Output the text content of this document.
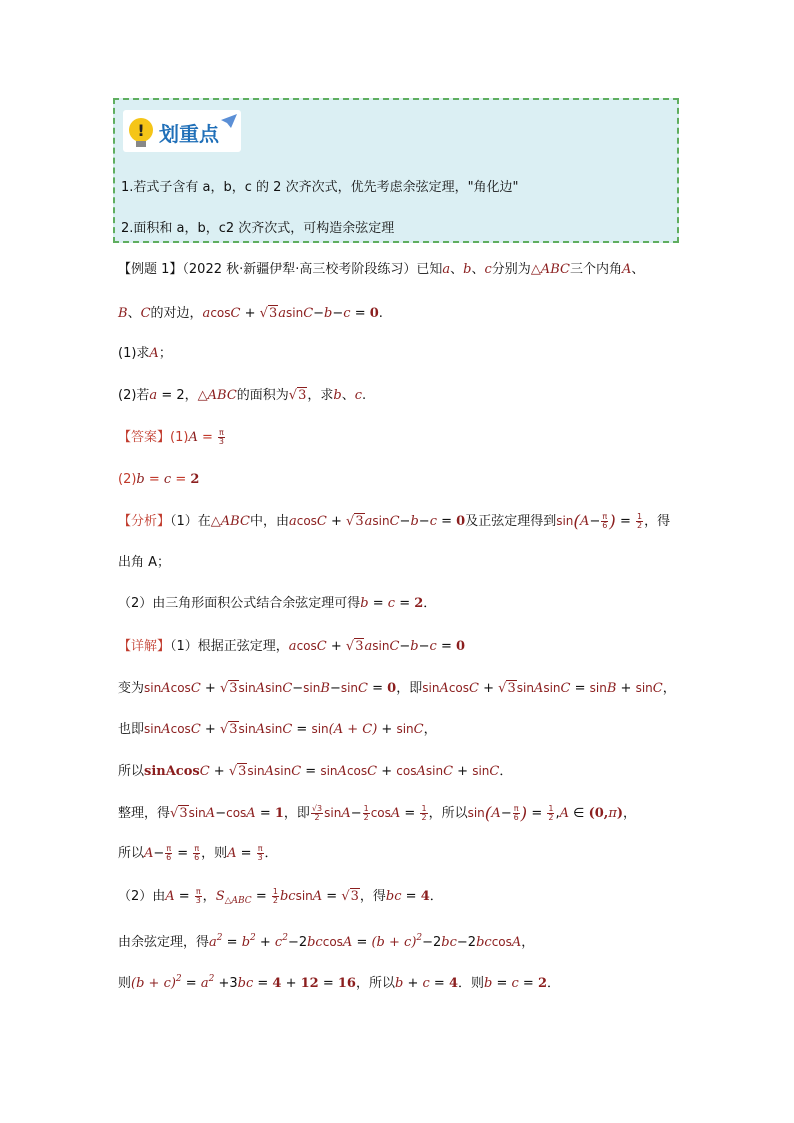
! 划重点
1.若式子含有 a，b，c 的 2 次齐次式，优先考虑余弦定理，"角化边"
2.面积和 a，b，c2 次齐次式，可构造余弦定理
【例题 1】（2022 秋·新疆伊犁·高三校考阶段练习）已知a、b、c分别为△ABC三个内角A、
B、C的对边，acosC + √3asinC−b−c = 0.
(1)求A；
(2)若a = 2，△ABC的面积为√3，求b、c.
【答案】$(1)A = \frac{\pi}{3}$
(2)b = c = 2
【分析】（1）在△ABC中，由acosC + √3asinC−b−c = 0及正弦定理得到$\sin(A- \frac{\pi}{6}$ ) = $\frac{1}{2}$ ，得
出角 A；
（2）由三角形面积公式结合余弦定理可得b = c = 2．
【详解】（1）根据正弦定理，acosC + √3asinC−b−c = 0
变为sinAcosC + √3sinAsinC−sinB−sinC = 0，即sinAcosC + √3sinAsinC = sinB + sinC，
也即sinAcosC + √3sinAsinC = sin(A + C) + sinC，
所以sinAcosC + √3sinAsinC = sinAcosC + cosAsinC + sinC．
整理，得√3sinA−cosA = 1，即 $\frac{√3}{2} \sin A- \frac{1}{2}$ $\cos A = \frac{1}{2}$ ，所以$\sin(A- \frac{\pi}{6}$ ) = $\frac{1}{2} ,A$ ∈ (0,π)，
所以$A- \frac{\pi}{6} = \frac{\pi}{6}$ ，则$A = \frac{\pi}{3}$ ．
（2）由$A = \frac{\pi}{3}$ ，$S_{\triangle ABC} = \frac{1}{2}$ bcsinA = √3，得bc = 4．
由余弦定理，得$a^2 = b^2 + c^2-2bccosA = (b + c)^2-2bc-2bccosA$，
则$(b + c)^2 = a^2 +3bc = 4 + 12 = 16$，所以b + c = 4．则b = c = 2．
